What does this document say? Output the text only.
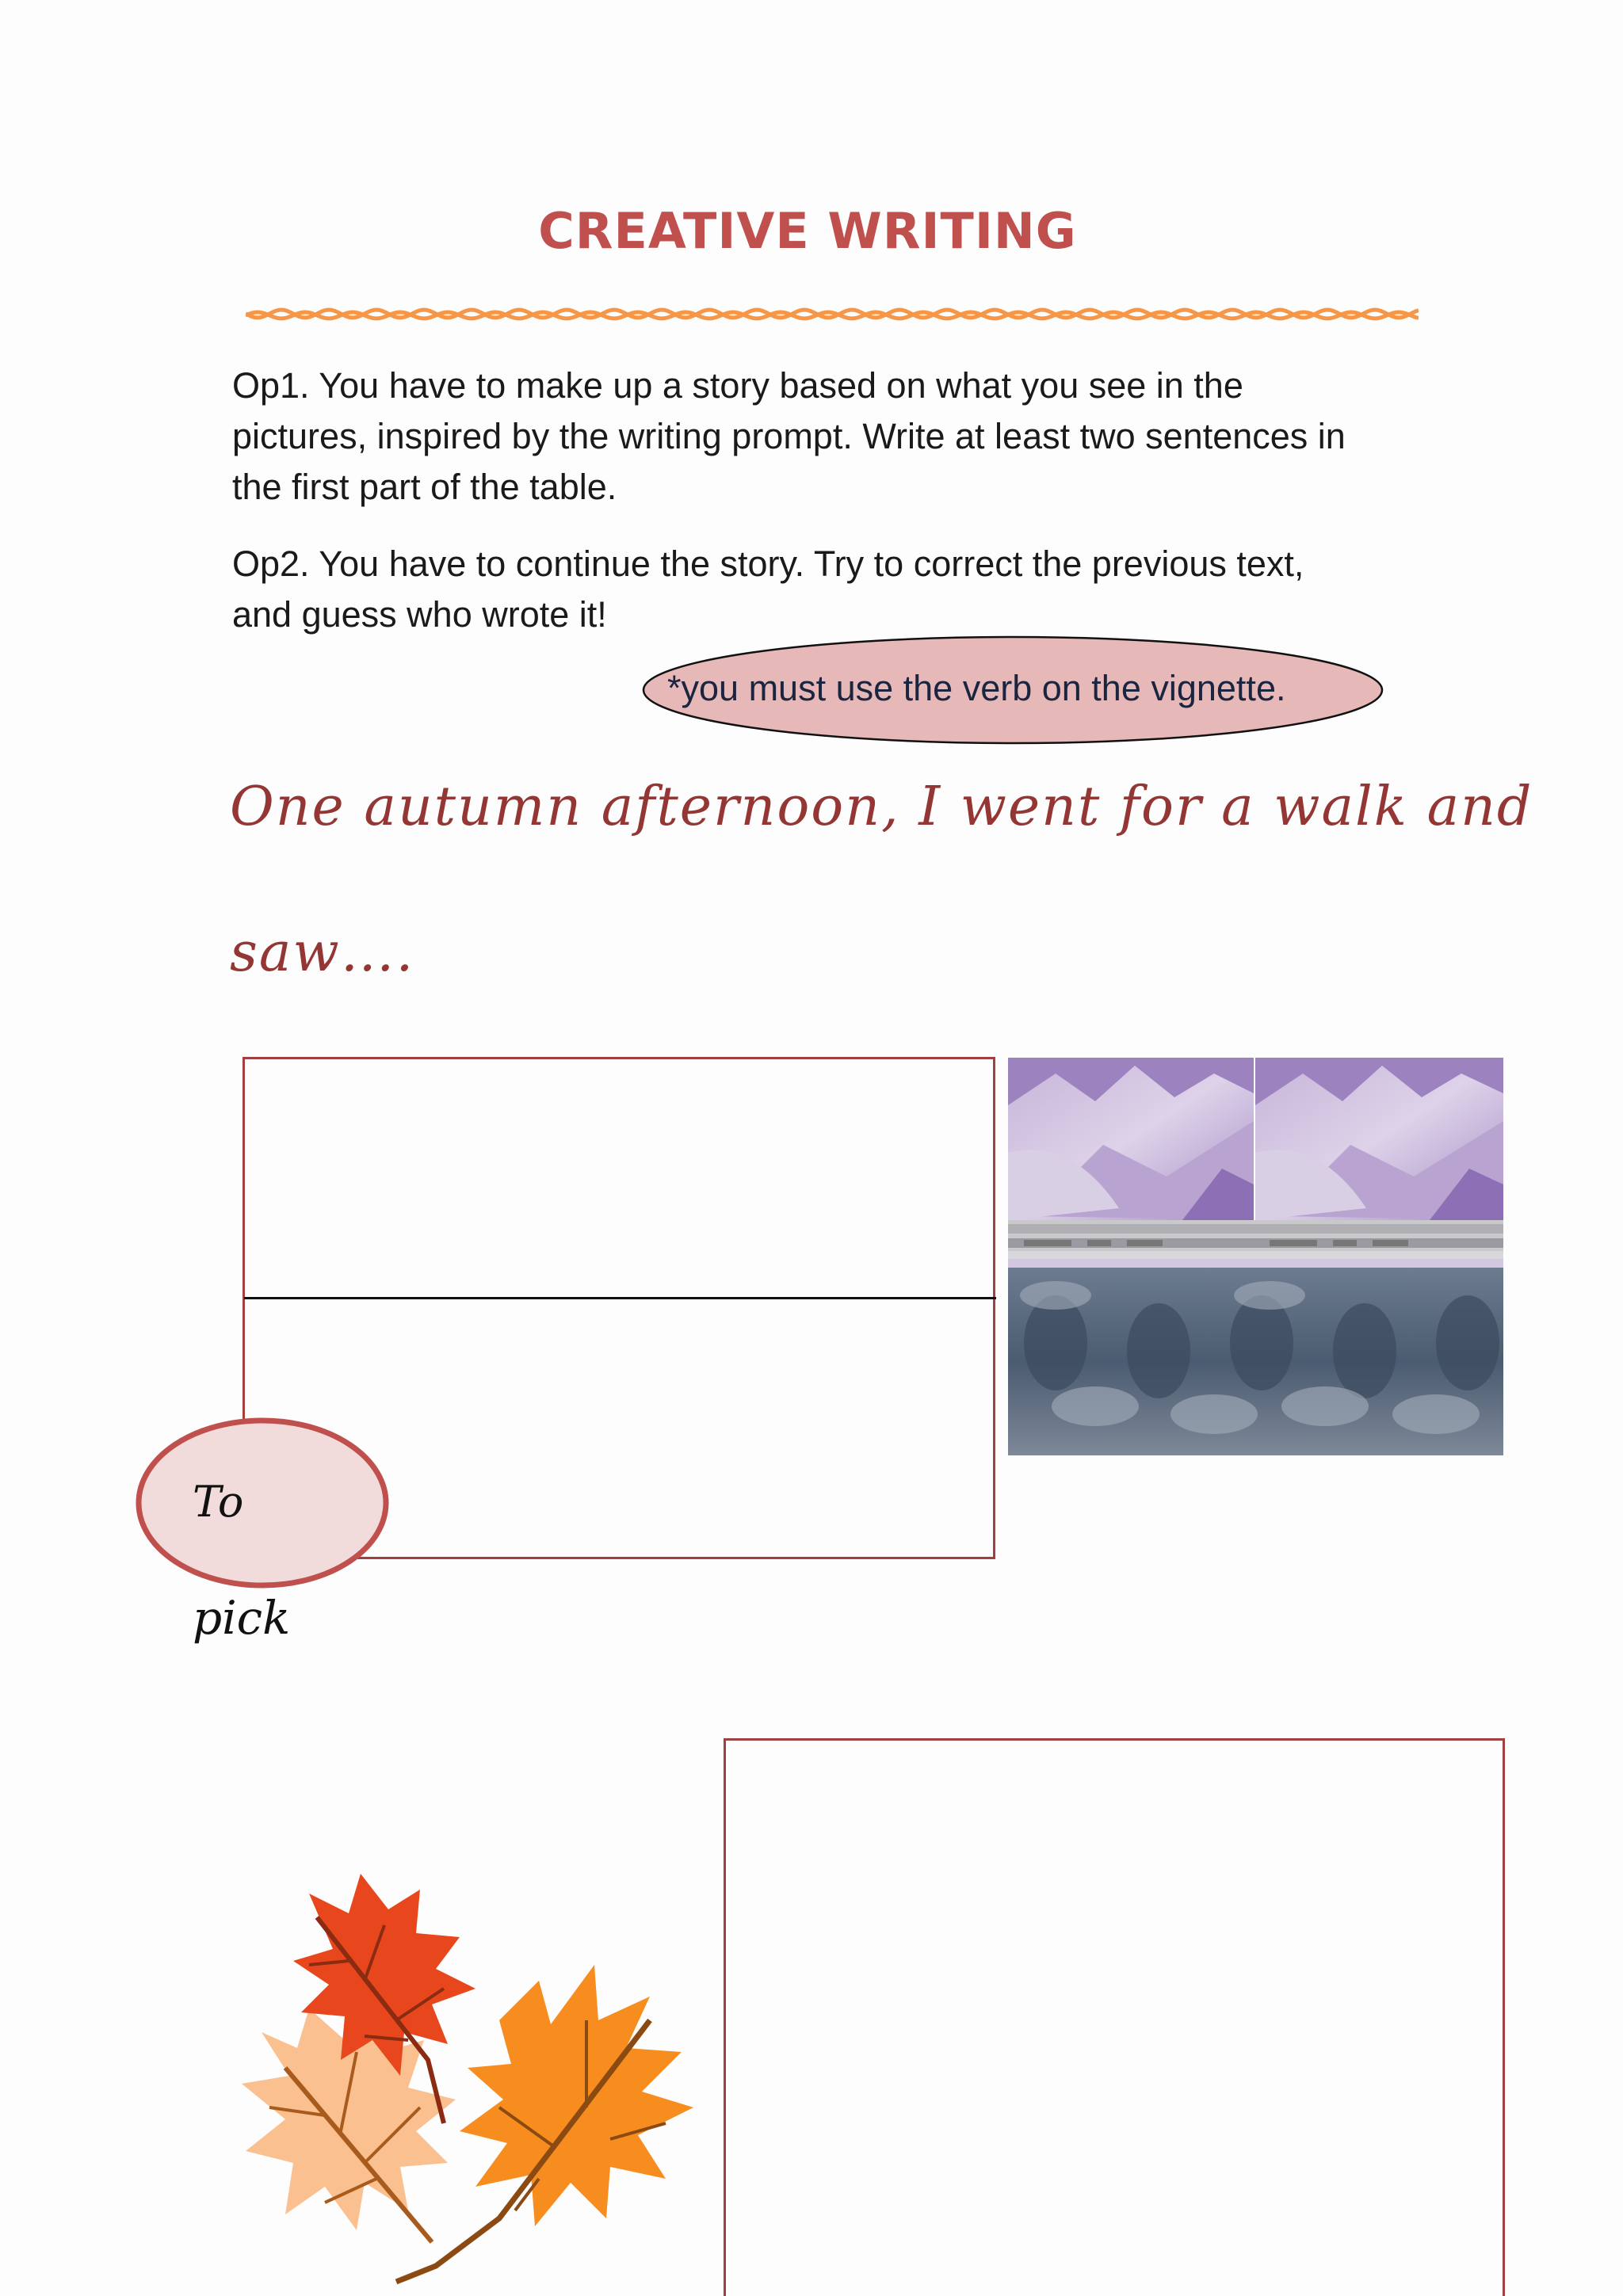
CREATIVE WRITING
Op1. You have to make up a story based on what you see in the pictures, inspired by the writing prompt. Write at least two sentences in the first part of the table.
Op2. You have to continue the story. Try to correct the previous text, and guess who wrote it!
*you must use the verb on the vignette.
One autumn afternoon, I went for a walk and
saw….
To
pick
